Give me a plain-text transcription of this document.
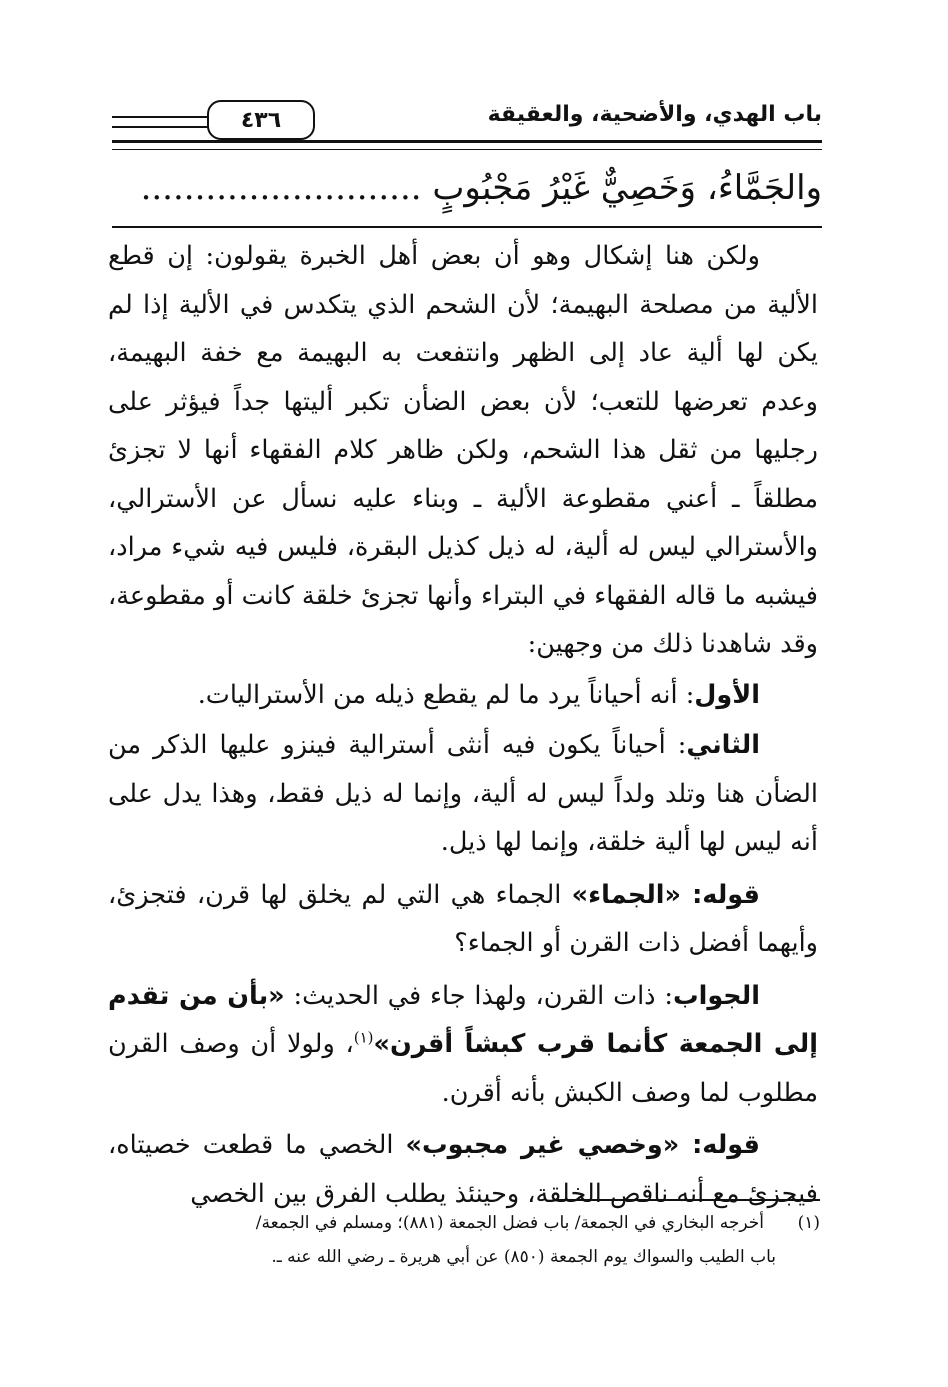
باب الهدي، والأضحية، والعقيقة
٤٣٦
والجَمَّاءُ، وَخَصِيٌّ غَيْرُ مَجْبُوبٍ ..........................

ولكن هنا إشكال وهو أن بعض أهل الخبرة يقولون: إن قطع الألية من مصلحة البهيمة؛ لأن الشحم الذي يتكدس في الألية إذا لم يكن لها ألية عاد إلى الظهر وانتفعت به البهيمة مع خفة البهيمة، وعدم تعرضها للتعب؛ لأن بعض الضأن تكبر أليتها جداً فيؤثر على رجليها من ثقل هذا الشحم، ولكن ظاهر كلام الفقهاء أنها لا تجزئ مطلقاً ـ أعني مقطوعة الألية ـ وبناء عليه نسأل عن الأسترالي، والأسترالي ليس له ألية، له ذيل كذيل البقرة، فليس فيه شيء مراد، فيشبه ما قاله الفقهاء في البتراء وأنها تجزئ خلقة كانت أو مقطوعة، وقد شاهدنا ذلك من وجهين:

الأول: أنه أحياناً يرد ما لم يقطع ذيله من الأستراليات.

الثاني: أحياناً يكون فيه أنثى أسترالية فينزو عليها الذكر من الضأن هنا وتلد ولداً ليس له ألية، وإنما له ذيل فقط، وهذا يدل على أنه ليس لها ألية خلقة، وإنما لها ذيل.

قوله: «الجماء» الجماء هي التي لم يخلق لها قرن، فتجزئ، وأيهما أفضل ذات القرن أو الجماء؟

الجواب: ذات القرن، ولهذا جاء في الحديث: «بأن من تقدم إلى الجمعة كأنما قرب كبشاً أقرن»$^{(١)}$، ولولا أن وصف القرن مطلوب لما وصف الكبش بأنه أقرن.

قوله: «وخصي غير مجبوب» الخصي ما قطعت خصيتاه، فيجزئ مع أنه ناقص الخلقة، وحينئذ يطلب الفرق بين الخصي

(١)أخرجه البخاري في الجمعة/ باب فضل الجمعة (٨٨١)؛ ومسلم في الجمعة/

باب الطيب والسواك يوم الجمعة (٨٥٠) عن أبي هريرة ـ رضي الله عنه ـ.
